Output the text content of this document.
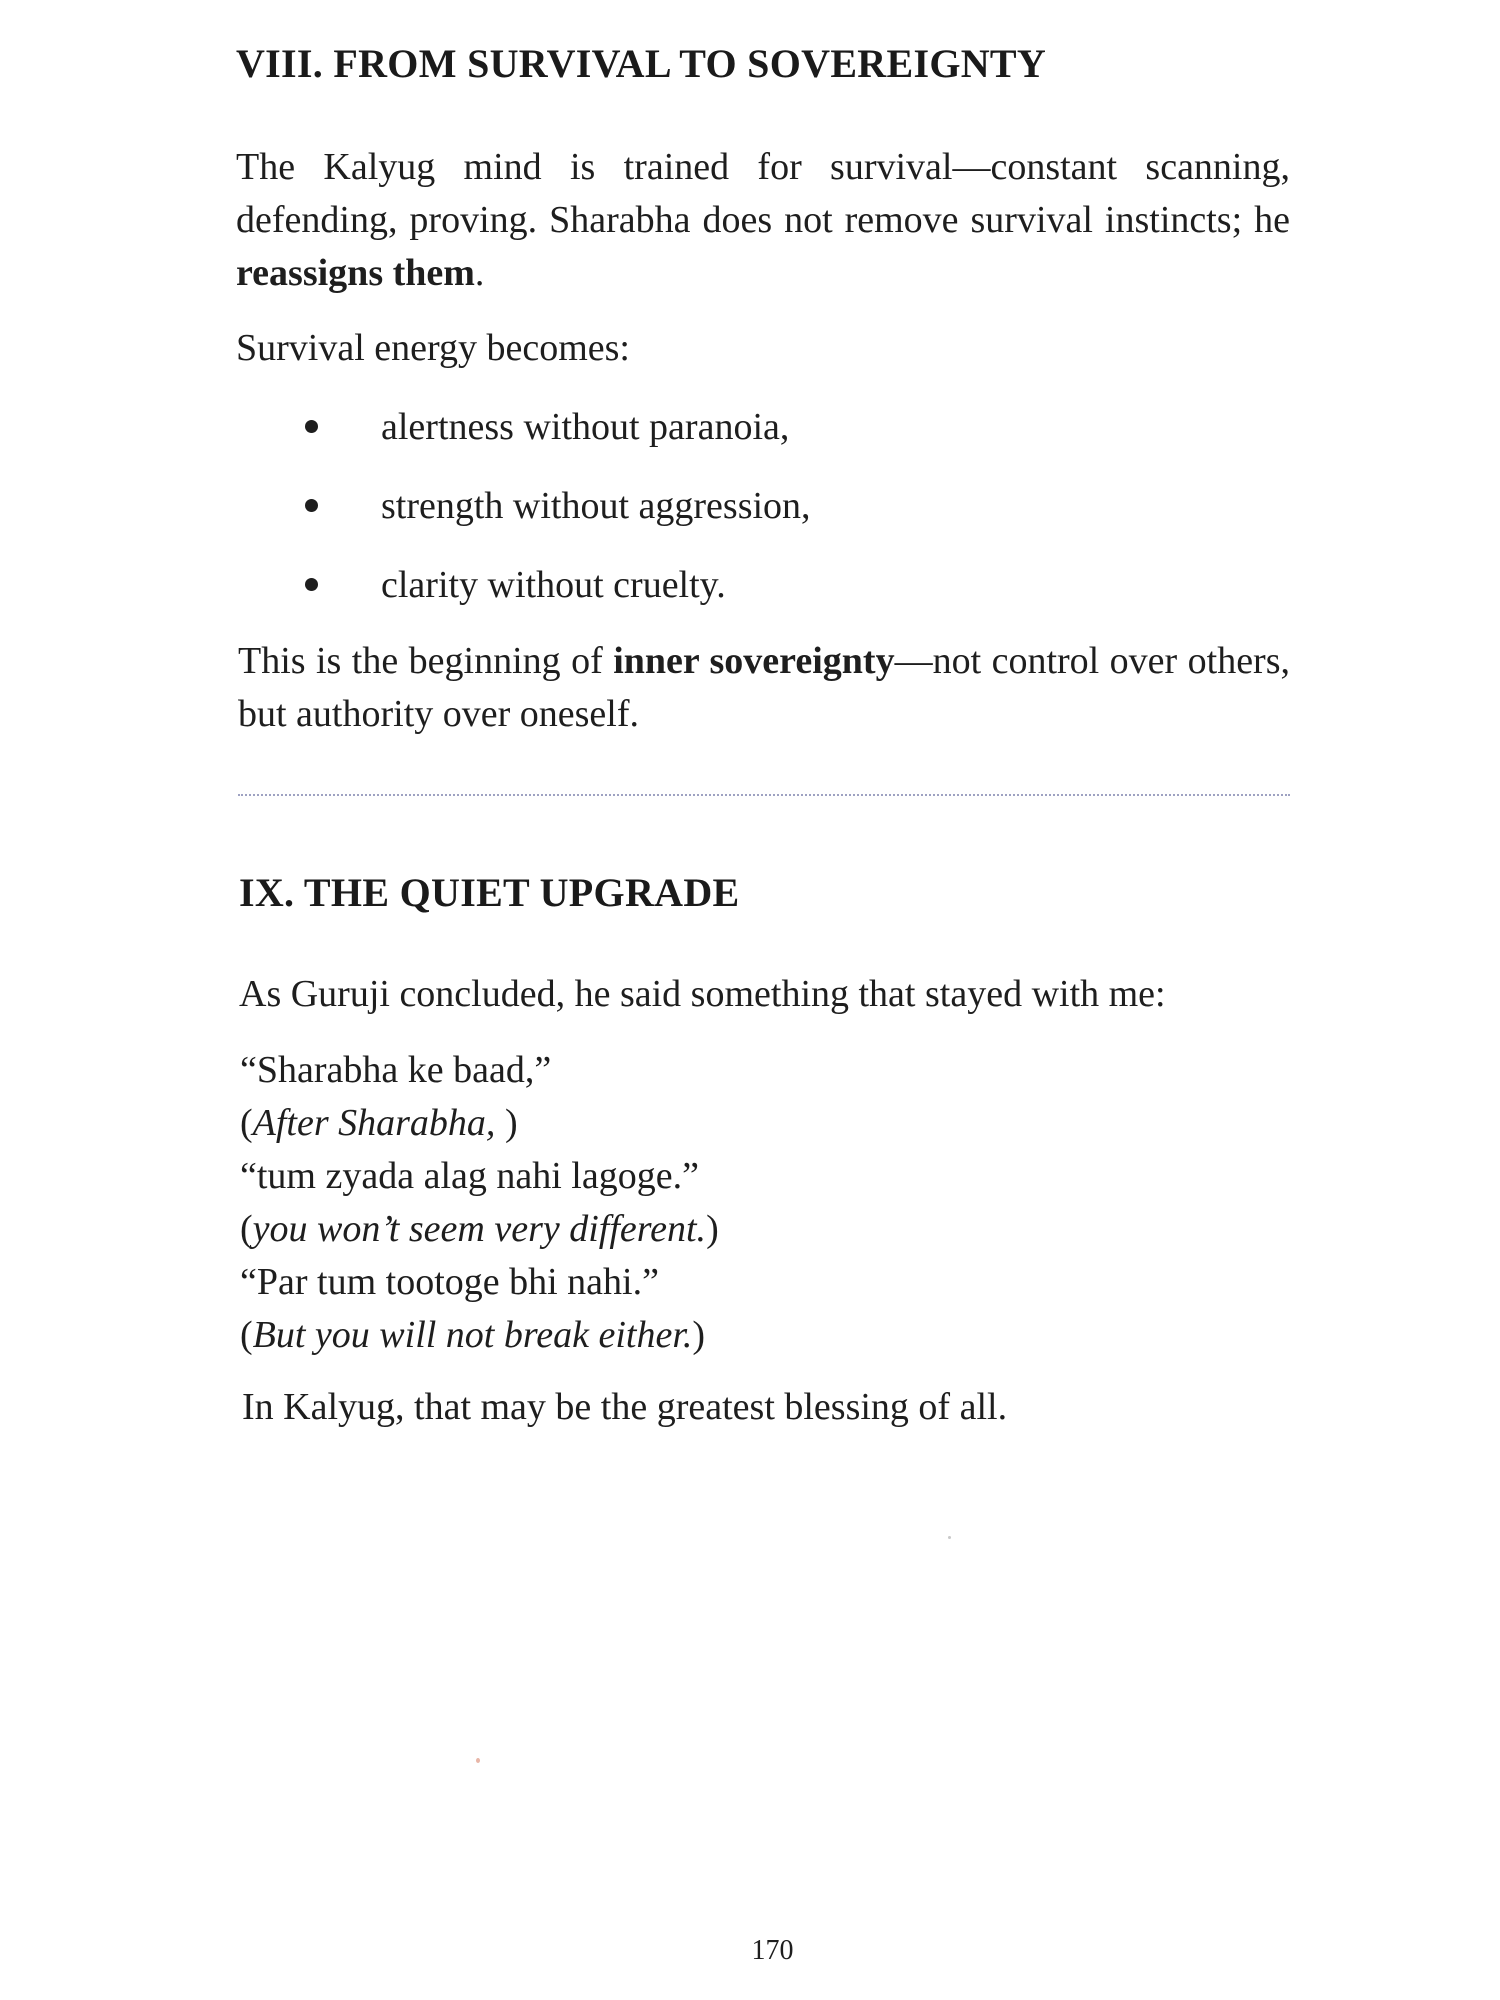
VIII. FROM SURVIVAL TO SOVEREIGNTY

The Kalyug mind is trained for survival—constant scanning, defending, proving. Sharabha does not remove survival instincts; he reassigns them.

Survival energy becomes:

alertness without paranoia,
strength without aggression,
clarity without cruelty.

This is the beginning of inner sovereignty—not control over others, but authority over oneself.

IX. THE QUIET UPGRADE

As Guruji concluded, he said something that stayed with me:

“Sharabha ke baad,”
(After Sharabha, )
“tum zyada alag nahi lagoge.”
(you won’t seem very different.)
“Par tum tootoge bhi nahi.”
(But you will not break either.)

In Kalyug, that may be the greatest blessing of all.

170
